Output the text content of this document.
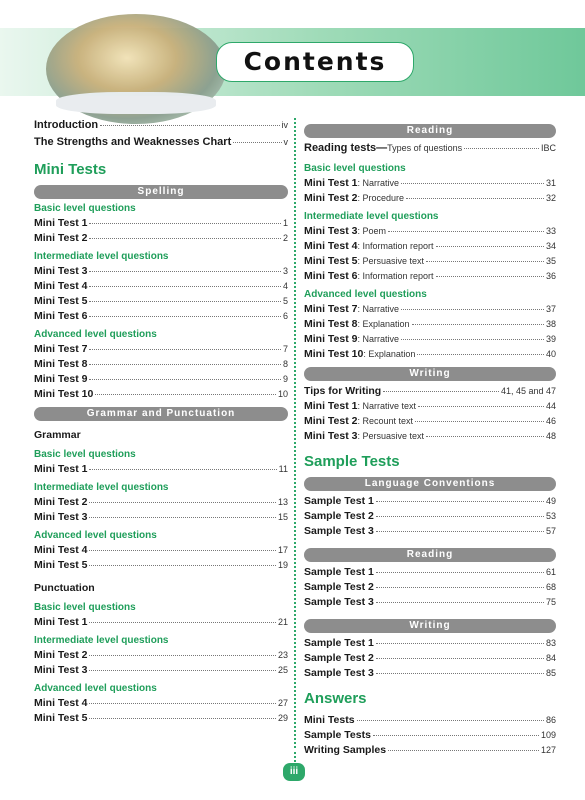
Contents
Introduction	iv
The Strengths and Weaknesses Chart	v
Mini Tests
Spelling
Basic level questions
Mini Test 1	1
Mini Test 2	2
Intermediate level questions
Mini Test 3	3
Mini Test 4	4
Mini Test 5	5
Mini Test 6	6
Advanced level questions
Mini Test 7	7
Mini Test 8	8
Mini Test 9	9
Mini Test 10	10
Grammar and Punctuation
Grammar
Basic level questions
Mini Test 1	11
Intermediate level questions
Mini Test 2	13
Mini Test 3	15
Advanced level questions
Mini Test 4	17
Mini Test 5	19
Punctuation
Basic level questions
Mini Test 1	21
Intermediate level questions
Mini Test 2	23
Mini Test 3	25
Advanced level questions
Mini Test 4	27
Mini Test 5	29
Reading
Reading tests— Types of questions	IBC
Basic level questions
Mini Test 1 : Narrative	31
Mini Test 2 : Procedure	32
Intermediate level questions
Mini Test 3 : Poem	33
Mini Test 4 : Information report	34
Mini Test 5 : Persuasive text	35
Mini Test 6 : Information report	36
Advanced level questions
Mini Test 7 : Narrative	37
Mini Test 8 : Explanation	38
Mini Test 9 : Narrative	39
Mini Test 10 : Explanation	40
Writing
Tips for Writing	41, 45 and 47
Mini Test 1 : Narrative text	44
Mini Test 2 : Recount text	46
Mini Test 3 : Persuasive text	48
Sample Tests
Language Conventions
Sample Test 1	49
Sample Test 2	53
Sample Test 3	57
Reading
Sample Test 1	61
Sample Test 2	68
Sample Test 3	75
Writing
Sample Test 1	83
Sample Test 2	84
Sample Test 3	85
Answers
Mini Tests	86
Sample Tests	109
Writing Samples	127
iii
